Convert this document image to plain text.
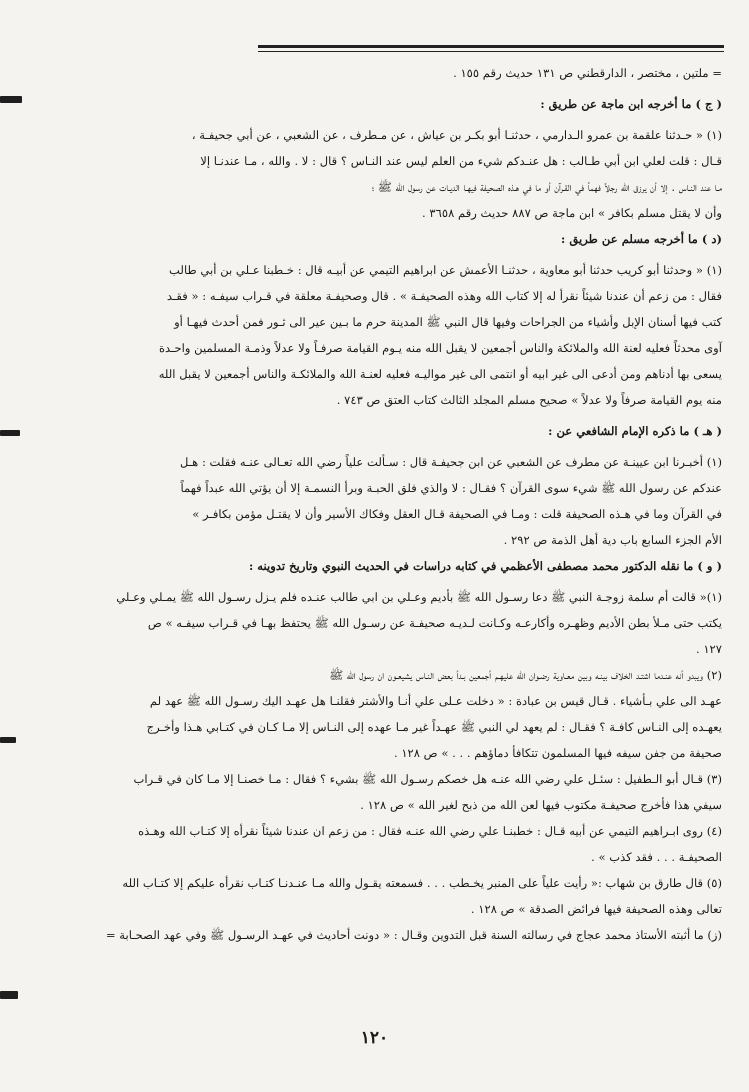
= ملتين ، مختصر ، الدارقطني ص ١٣١ حديث رقم ١٥٥ .

( ج ) ما أخرجه ابن ماجة عن طريق :

(١) « حـدثنا علقمة بن عمرو الـدارمي ، حدثنـا أبو بكـر بن عياش ، عن مـطرف ، عن الشعبي ، عن أبي جحيفـة ،

قـال : قلت لعلي ابن أبي طـالب : هل عنـدكم شيء من العلم ليس عند النـاس ؟ قال : لا . والله ، مـا عندنـا إلا

مـا عند النـاس . إلا أن يرزق الله رجلاً فهماً في القـرآن أو ما في هـذه الصحيفة فيهـا الديـات عن رسول الله ﷺ ؛

وأن لا يقتل مسلم بكافر » ابن ماجة ص ٨٨٧ حديث رقم ٣٦٥٨ .

(د ) ما أخرجه مسلم عن طريق :

(١) « وحدثنا أبو كريب حدثنا أبو معاوية ، حدثنـا الأعمش عن ابراهيم التيمي عن أبيـه قال : خـطبنا عـلي بن أبي طالب

فقال : من زعم أن عندنا شيئاً نقرأ له إلا كتاب الله وهذه الصحيفـة » . قال وصحيفـة معلقة في قـراب سيفـه : « فقـد

كتب فيها أسنان الإبل وأشياء من الجراحات وفيها قال النبي ﷺ المدينة حرم ما بـين عير الى ثـور فمن أحدث فيهـا أو

آوى محدثاً فعليه لعنة الله والملائكة والناس أجمعين لا يقبل الله منه يـوم القيامة صرفـاً ولا عدلاً وذمـة المسلمين واحـدة

يسعى بها أدناهم ومن أدعى الى غير ابيه أو انتمى الى غير مواليـه فعليه لعنـة الله والملائكـة والناس أجمعين لا يقبل الله

منه يوم القيامة صرفاً ولا عدلاً » صحيح مسلم المجلد الثالث كتاب العتق ص ٧٤٣ .

( هـ ) ما ذكره الإمام الشافعي عن :

(١) أخبـرنا ابن عيينـة عن مطرف عن الشعبي عن ابن جحيفـة قال : سـألت علياً رضي الله تعـالى عنـه فقلت : هـل

عندكم عن رسول الله ﷺ شيء سوى القرآن ؟ فقـال : لا والذي فلق الحبـة وبرأ النسمـة إلا أن يؤتي الله عبداً فهماً

في القرآن وما في هـذه الصحيفة قلت : ومـا في الصحيفة قـال العقل وفكاك الأسير وأن لا يقتـل مؤمن بكافـر »

الأم الجزء السابع باب دية أهل الذمة ص ٢٩٢ .

( و ) ما نقله الدكتور محمد مصطفى الأعظمي في كتابه دراسات في الحديث النبوي وتاريخ تدوينه :

(١)« قالت أم سلمة زوجـة النبي ﷺ دعا رسـول الله ﷺ بأديم وعـلي بن ابي طالب عنـده فلم يـزل رسـول الله ﷺ يمـلي وعـلي

يكتب حتى مـلأ بطن الأديم وظهـره وأكارعـه وكـانت لـديـه صحيفـة عن رسـول الله ﷺ يحتفظ بهـا في قـراب سيفـه » ص

١٢٧ .

(٢) ويبدو أنه عنـدما اشتـد الخلاف بينـه وبين معـاوية رضـوان الله عليهـم أجمعين بـدأ بعض النـاس يشيعـون ان رسول الله ﷺ

عهـد الى علي بـأشياء . قـال قيس بن عبادة : « دخلت عـلى علي أنـا والأشتر فقلنـا هل عهـد اليك رسـول الله ﷺ عهد لم

يعهـده إلى النـاس كافـة ؟ فقـال : لم يعهد لي النبي ﷺ عهـداً غير مـا عهده إلى النـاس إلا مـا كـان في كتـابي هـذا وأخـرج

صحيفة من جفن سيفه فيها المسلمون تتكافأ دماؤهم . . . » ص ١٢٨ .

(٣) قـال أبو الـطفيل : سئـل علي رضي الله عنـه هل خصكم رسـول الله ﷺ بشيء ؟ فقال : مـا خصنـا إلا مـا كان في قـراب

سيفي هذا فأخرج صحيفـة مكتوب فيها لعن الله من ذبح لغير الله » ص ١٢٨ .

(٤) روى ابـراهيم التيمي عن أبيه قـال : خطبنـا علي رضي الله عنـه فقال : من زعم ان عندنا شيئاً نقرأه إلا كتـاب الله وهـذه

الصحيفـة . . . فقد كذب » .

(٥) قال طارق بن شهاب :« رأيت علياً على المنبر يخـطب . . . فسمعته يقـول والله مـا عنـدنـا كتـاب نقرأه عليكم إلا كتـاب الله

تعالى وهذه الصحيفة فيها فرائض الصدقة » ص ١٢٨ .

(ز) ما أثبته الأستاذ محمد عجاج في رسالته السنة قبل التدوين وقـال : « دونت أحاديث في عهـد الرسـول ﷺ وفي عهد الصحـابة =

١٢٠
